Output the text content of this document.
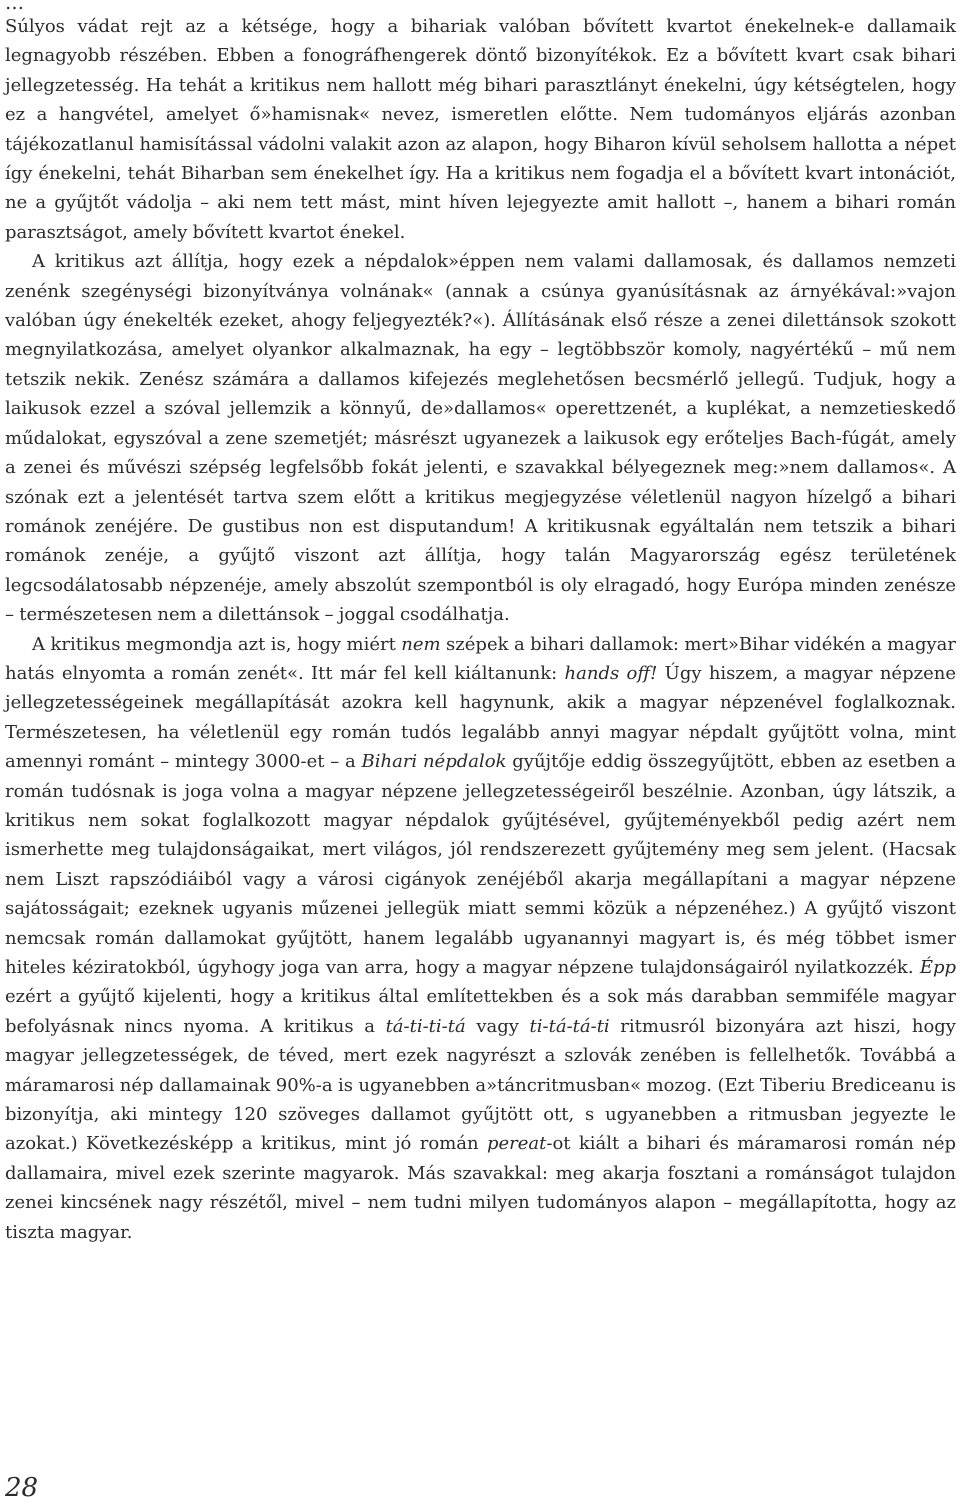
…

Súlyos vádat rejt az a kétsége, hogy a bihariak valóban bővített kvartot énekelnek-e dallamaik legnagyobb részében. Ebben a fonográfhengerek döntő bizonyítékok. Ez a bővített kvart csak bihari jellegzetesség. Ha tehát a kritikus nem hallott még bihari parasztlányt énekelni, úgy kétségtelen, hogy ez a hangvétel, amelyet ő»hamisnak« nevez, ismeretlen előtte. Nem tudományos eljárás azonban tájékozatlanul hamisítással vádolni valakit azon az alapon, hogy Biharon kívül seholsem hallotta a népet így énekelni, tehát Biharban sem énekelhet így. Ha a kritikus nem fogadja el a bővített kvart intonációt, ne a gyűjtőt vádolja – aki nem tett mást, mint híven lejegyezte amit hallott –, hanem a bihari román parasztságot, amely bővített kvartot énekel.

A kritikus azt állítja, hogy ezek a népdalok»éppen nem valami dallamosak, és dallamos nemzeti zenénk szegénységi bizonyítványa volnának« (annak a csúnya gyanúsításnak az árnyékával:»vajon valóban úgy énekelték ezeket, ahogy feljegyezték?«). Állításának első része a zenei dilettánsok szokott megnyilatkozása, amelyet olyankor alkalmaznak, ha egy – legtöbbször komoly, nagyértékű – mű nem tetszik nekik. Zenész számára a dallamos kifejezés meglehetősen becsmérlő jellegű. Tudjuk, hogy a laikusok ezzel a szóval jellemzik a könnyű, de»dallamos« operettzenét, a kuplékat, a nemzetieskedő műdalokat, egyszóval a zene szemetjét; másrészt ugyanezek a laikusok egy erőteljes Bach-fúgát, amely a zenei és művészi szépség legfelsőbb fokát jelenti, e szavakkal bélyegeznek meg:»nem dallamos«. A szónak ezt a jelentését tartva szem előtt a kritikus megjegyzése véletlenül nagyon hízelgő a bihari románok zenéjére. De gustibus non est disputandum! A kritikusnak egyáltalán nem tetszik a bihari románok zenéje, a gyűjtő viszont azt állítja, hogy talán Magyarország egész területének legcsodálatosabb népzenéje, amely abszolút szempontból is oly elragadó, hogy Európa minden zenésze – természetesen nem a dilettánsok – joggal csodálhatja.

A kritikus megmondja azt is, hogy miért nem szépek a bihari dallamok: mert»Bihar vidékén a magyar hatás elnyomta a román zenét«. Itt már fel kell kiáltanunk: hands off! Úgy hiszem, a magyar népzene jellegzetességeinek megállapítását azokra kell hagynunk, akik a magyar népzenével foglalkoznak. Természetesen, ha véletlenül egy román tudós legalább annyi magyar népdalt gyűjtött volna, mint amennyi románt – mintegy 3000-et – a Bihari népdalok gyűjtője eddig összegyűjtött, ebben az esetben a román tudósnak is joga volna a magyar népzene jellegzetességeiről beszélnie. Azonban, úgy látszik, a kritikus nem sokat foglalkozott magyar népdalok gyűjtésével, gyűjteményekből pedig azért nem ismerhette meg tulajdonságaikat, mert világos, jól rendszerezett gyűjtemény meg sem jelent. (Hacsak nem Liszt rapszódiáiból vagy a városi cigányok zenéjéből akarja megállapítani a magyar népzene sajátosságait; ezeknek ugyanis műzenei jellegük miatt semmi közük a népzenéhez.) A gyűjtő viszont nemcsak román dallamokat gyűjtött, hanem legalább ugyanannyi magyart is, és még többet ismer hiteles kéziratokból, úgyhogy joga van arra, hogy a magyar népzene tulajdonságairól nyilatkozzék. Épp ezért a gyűjtő kijelenti, hogy a kritikus által említettekben és a sok más darabban semmiféle magyar befolyásnak nincs nyoma. A kritikus a tá-ti-ti-tá vagy ti-tá-tá-ti ritmusról bizonyára azt hiszi, hogy magyar jellegzetességek, de téved, mert ezek nagyrészt a szlovák zenében is fellelhetők. Továbbá a máramarosi nép dallamainak 90%-a is ugyanebben a»táncritmusban« mozog. (Ezt Tiberiu Brediceanu is bizonyítja, aki mintegy 120 szöveges dallamot gyűjtött ott, s ugyanebben a ritmusban jegyezte le azokat.) Következésképp a kritikus, mint jó román pereat-ot kiált a bihari és máramarosi román nép dallamaira, mivel ezek szerinte magyarok. Más szavakkal: meg akarja fosztani a románságot tulajdon zenei kincsének nagy részétől, mivel – nem tudni milyen tudományos alapon – megállapította, hogy az tiszta magyar.

28
